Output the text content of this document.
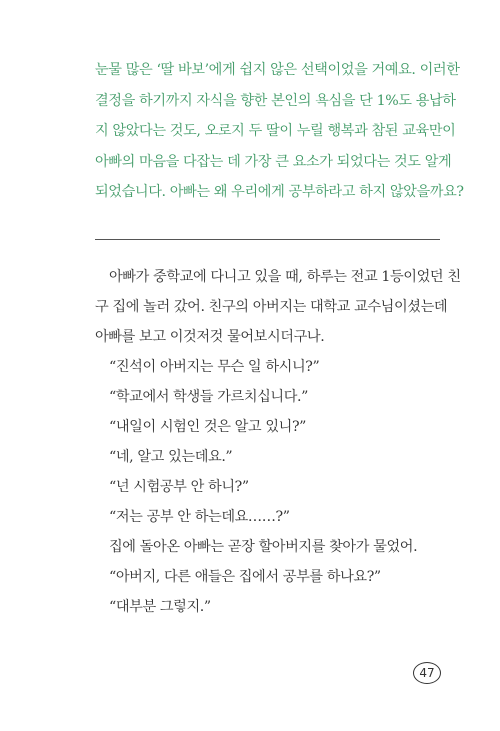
눈물 많은 ‘딸 바보’에게 쉽지 않은 선택이었을 거예요. 이러한
결정을 하기까지 자식을 향한 본인의 욕심을 단 1%도 용납하
지 않았다는 것도, 오로지 두 딸이 누릴 행복과 참된 교육만이
아빠의 마음을 다잡는 데 가장 큰 요소가 되었다는 것도 알게
되었습니다. 아빠는 왜 우리에게 공부하라고 하지 않았을까요?
아빠가 중학교에 다니고 있을 때, 하루는 전교 1등이었던 친
구 집에 놀러 갔어. 친구의 아버지는 대학교 교수님이셨는데
아빠를 보고 이것저것 물어보시더구나.
“진석이 아버지는 무슨 일 하시니?”
“학교에서 학생들 가르치십니다.”
“내일이 시험인 것은 알고 있니?”
“네, 알고 있는데요.”
“넌 시험공부 안 하니?”
“저는 공부 안 하는데요……?”
집에 돌아온 아빠는 곧장 할아버지를 찾아가 물었어.
“아버지, 다른 애들은 집에서 공부를 하나요?”
“대부분 그렇지.”
47
